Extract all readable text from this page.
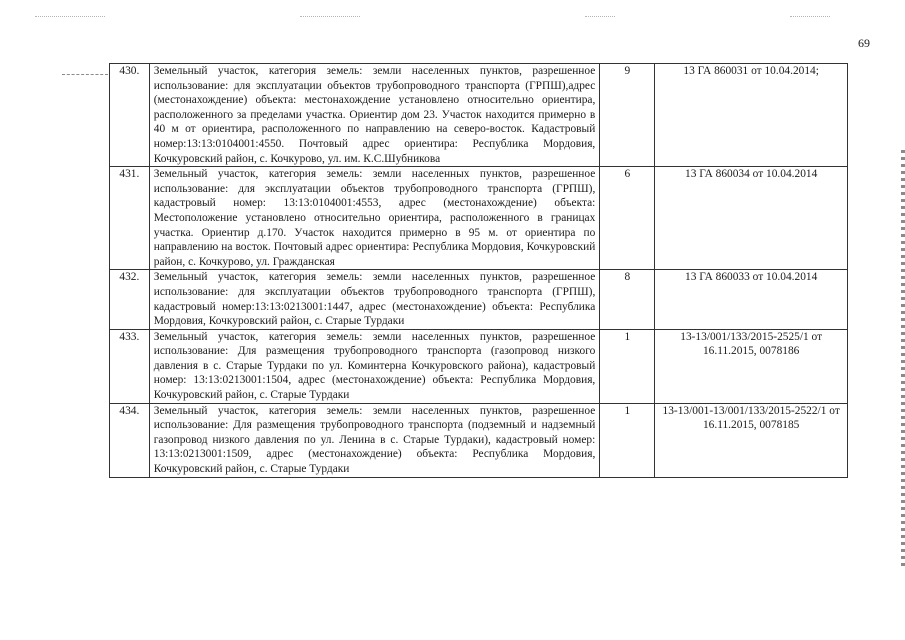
69
430.	Земельный участок, категория земель: земли населенных пунктов, разрешенное использование: для эксплуатации объектов трубопроводного транспорта (ГРПШ),адрес (местонахождение) объекта: местонахождение установлено относительно ориентира, расположенного за пределами участка. Ориентир дом 23. Участок находится примерно в 40 м от ориентира, расположенного по направлению на северо-восток. Кадастровый номер:13:13:0104001:4550. Почтовый адрес ориентира: Республика Мордовия, Кочкуровский район, с. Кочкурово, ул. им. К.С.Шубникова	9	13 ГА 860031 от 10.04.2014;
431.	Земельный участок, категория земель: земли населенных пунктов, разрешенное использование: для эксплуатации объектов трубопроводного транспорта (ГРПШ), кадастровый номер: 13:13:0104001:4553, адрес (местонахождение) объекта: Местоположение установлено относительно ориентира, расположенного в границах участка. Ориентир д.170. Участок находится примерно в 95 м. от ориентира по направлению на восток. Почтовый адрес ориентира: Республика Мордовия, Кочкуровский район, с. Кочкурово, ул. Гражданская	6	13 ГА 860034 от 10.04.2014
432.	Земельный участок, категория земель: земли населенных пунктов, разрешенное использование: для эксплуатации объектов трубопроводного транспорта (ГРПШ), кадастровый номер:13:13:0213001:1447, адрес (местонахождение) объекта: Республика Мордовия, Кочкуровский район, с. Старые Турдаки	8	13 ГА 860033 от 10.04.2014
433.	Земельный участок, категория земель: земли населенных пунктов, разрешенное использование: Для размещения трубопроводного транспорта (газопровод низкого давления в с. Старые Турдаки по ул. Коминтерна Кочкуровского района), кадастровый номер: 13:13:0213001:1504, адрес (местонахождение) объекта: Республика Мордовия, Кочкуровский район, с. Старые Турдаки	1	13-13/001/133/2015-2525/1 от 16.11.2015, 0078186
434.	Земельный участок, категория земель: земли населенных пунктов, разрешенное использование: Для размещения трубопроводного транспорта (подземный и надземный газопровод низкого давления по ул. Ленина в с. Старые Турдаки), кадастровый номер: 13:13:0213001:1509, адрес (местонахождение) объекта: Республика Мордовия, Кочкуровский район, с. Старые Турдаки	1	13-13/001-13/001/133/2015-2522/1 от 16.11.2015, 0078185
